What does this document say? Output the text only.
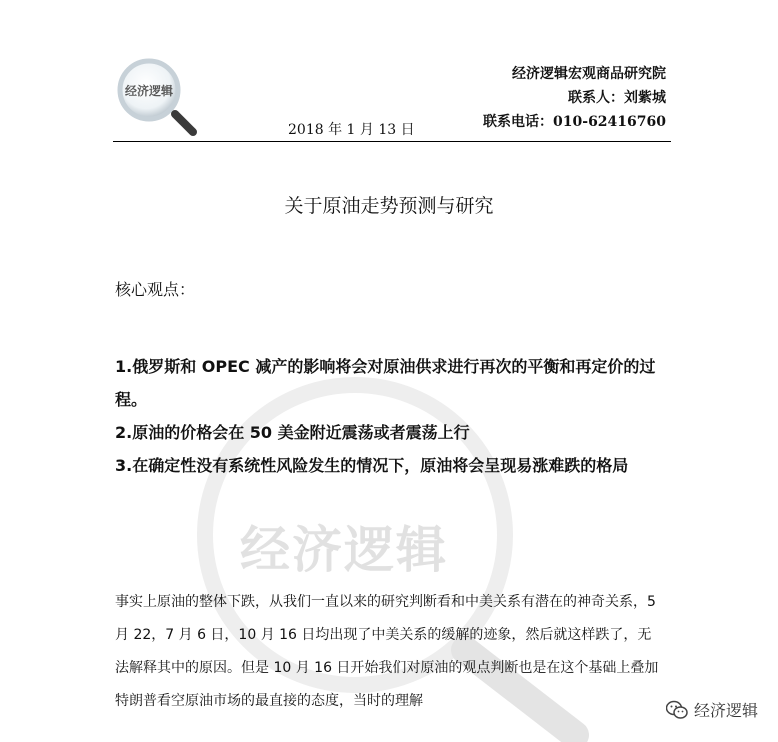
经济逻辑
2018 年 1 月 13 日
经济逻辑宏观商品研究院
联系人：刘紫城
联系电话：010-62416760
经济逻辑
关于原油走势预测与研究
核心观点：
1.俄罗斯和 OPEC 减产的影响将会对原油供求进行再次的平衡和再定价的过程。
2.原油的价格会在 50 美金附近震荡或者震荡上行
3.在确定性没有系统性风险发生的情况下，原油将会呈现易涨难跌的格局

事实上原油的整体下跌，从我们一直以来的研究判断看和中美关系有潜在的神奇关系，5 月 22，7 月 6 日，10 月 16 日均出现了中美关系的缓解的迹象，然后就这样跌了，无法解释其中的原因。但是 10 月 16 日开始我们对原油的观点判断也是在这个基础上叠加特朗普看空原油市场的最直接的态度，当时的理解	经济逻辑
